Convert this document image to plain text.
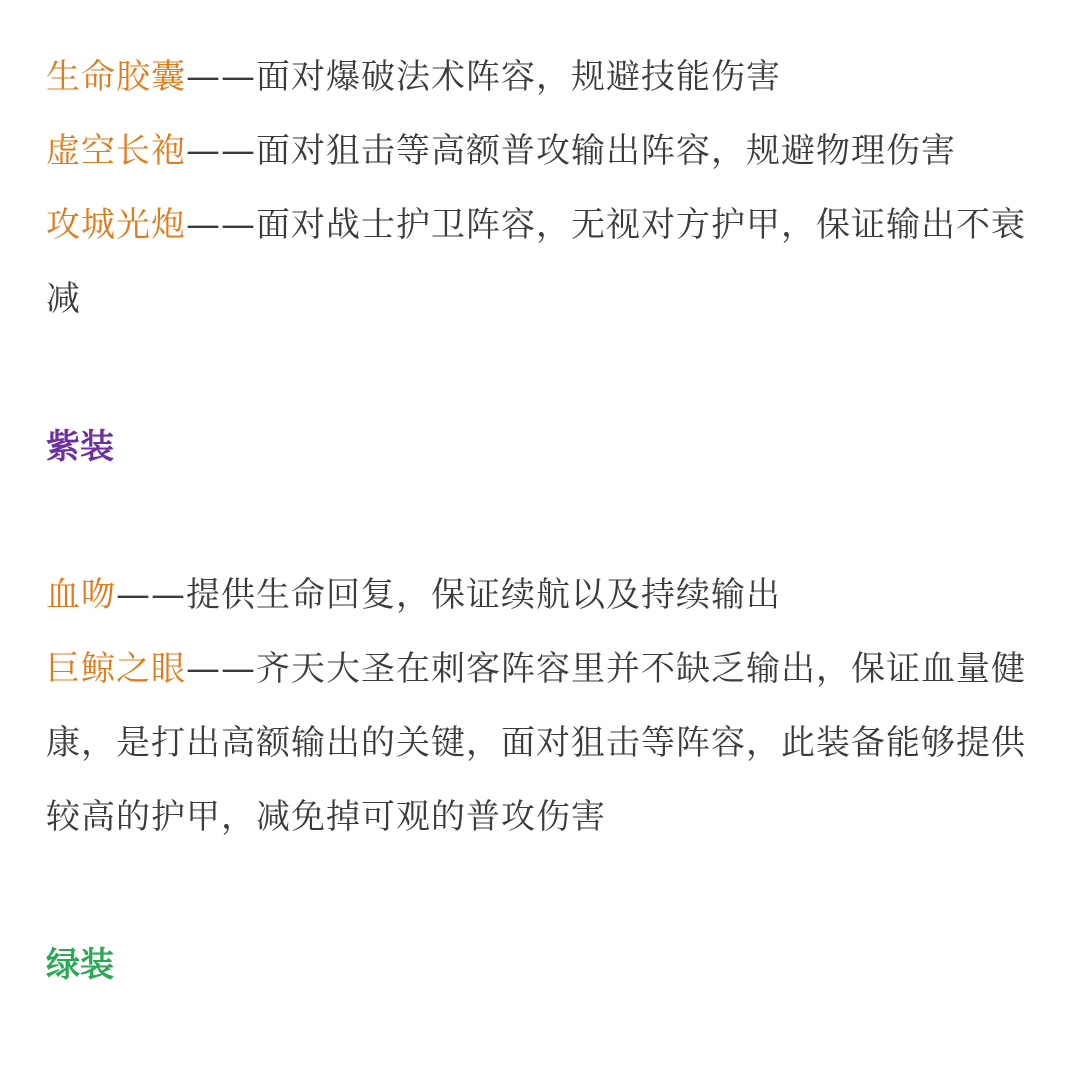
生命胶囊——面对爆破法术阵容，规避技能伤害

虚空长袍——面对狙击等高额普攻输出阵容，规避物理伤害

攻城光炮——面对战士护卫阵容，无视对方护甲，保证输出不衰减

紫装

血吻——提供生命回复，保证续航以及持续输出

巨鲸之眼——齐天大圣在刺客阵容里并不缺乏输出，保证血量健康，是打出高额输出的关键，面对狙击等阵容，此装备能够提供较高的护甲，减免掉可观的普攻伤害

绿装
